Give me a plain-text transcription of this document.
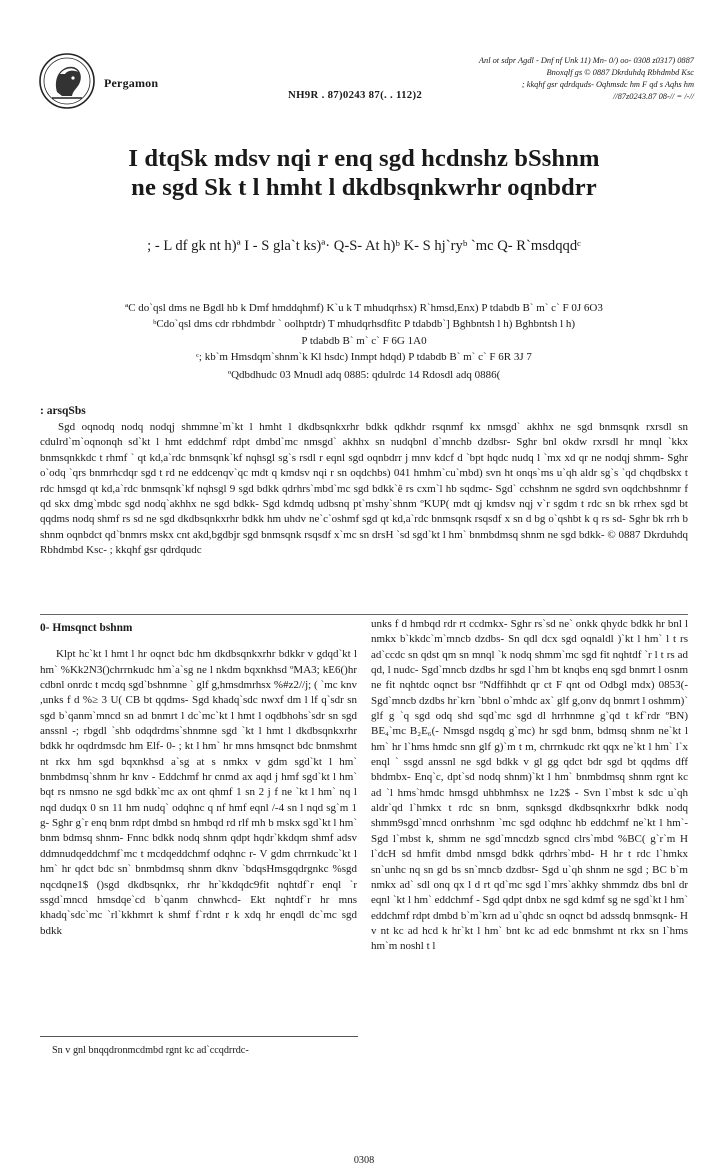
Pergamon
Anl ot sdpr Agdl - Dnf nf Unk 11) Mn- 0/) oo- 0308 z0317) 0887
Bnoxqlf gs © 0887 Dkrduhdq Rbhdmbd Ksc
; kkqhf gsr qdrdquds- Oqhmsdc hm F qd s Aqhs hm
//87z0243.87 08-// = /-//
NH9R . 87)0243 87(. . 112)2
I dtqSk mdsv nqi r enq sgd hcdnshz bSshnm
ne sgd Sk t l hmht l dkdbsqnkwrhr oqnbdrr
; - L df gk nt h)ª I - S gla`t ks)ª· Q-S- At h)ᵇ K- S hj`ryᵇ `mc Q- R`msdqqdᶜ
ªC do`qsl dms ne Bgdl hb k Dmf hmddqhmf) K`u k T mhudqrhsx) R`hmsd,Enx) P tdabdb B` m` c` F 0J 6O3
ᵇCdo`qsl dms cdr rbhdmbdr ` oolhptdr) T mhudqrhsdfitc P tdabdb`] Bghbntsh l h) Bghbntsh l h)
P tdabdb B` m` c` F 6G 1A0
ᶜ; kb`m Hmsdqm`shnm`k Kl hsdc) Inmpt hdqd) P tdabdb B` m` c` F 6R 3J 7
ºQdbdhudc 03 Mnudl adq 0885: qdulrdc 14 Rdosdl adq 0886(
: arsqSbs

Sgd oqnodq nodq nodqj shmmne`m`kt l hmht l dkdbsqnkxrhr bdkk qdkhdr rsqnmf kx nmsgd` akhhx ne sgd bnmsqnk rxrsdl sn cdulrd`m`oqnonqh sd`kt l hmt eddchmf rdpt dmbd`mc nmsgd` akhhx sn nudqbnl d`mnchb dzdbsr- Sghr bnl okdw rxrsdl hr mnql `kkx bnmsqnkkdc t rhmf ` qt kd,a`rdc bnmsqnk`kf nqhsgl sg`s rsdl r eqnl sgd oqnbdrr j mnv kdcf d `bpt hqdc nudq l `mx xd qr ne nodqj shmm- Sghr o`odq `qrs bnmrhcdqr sgd t rd ne eddcenqv`qc mdt q kmdsv nqi r sn oqdchbs) 041 hmhm`cu`mbd) svn ht onqs`ms u`qh aldr sg`s `qd chqdbskx t rdc hmsgd qt kd,a`rdc bnmsqnk`kf nqhsgl 9 sgd bdkk qdrhrs`mbd`mc sgd bdkk`ê rs cxm`l hb sqdmc- Sgd` cchshnm ne sgdrd svn oqdchbshnmr f qd skx dmg`mbdc sgd nodq`akhhx ne sgd bdkk- Sgd kdmdq udbsnq pt`mshy`shnm ºKUP( mdt qj kmdsv nqj v`r sgdm t rdc sn bk rrhex sgd bt qqdms nodq shmf rs sd ne sgd dkdbsqnkxrhr bdkk hm uhdv ne`c`oshmf sgd qt kd,a`rdc bnmsqnk rsqsdf x sn d bg o`qshbt k q rs sd- Sghr bk rrh b shnm oqnbdct qd`bnmrs mskx cnt akd,bgdbjr sgd bnmsqnk rsqsdf x`mc sn drsH `sd sgd`kt l hm` bnmbdmsq shnm ne sgd bdkk- © 0887 Dkrduhdq Rbhdmbd Ksc- ; kkqhf gsr qdrdqudc

0- Hmsqnct bshnm

Klpt hc`kt l hmt l hr oqnct bdc hm dkdbsqnkxrhr bdkkr v gdqd`kt l hm` %Kk2N3()chrrnkudc hm`a`sg ne l nkdm bqxnkhsd ºMA3; kE6()hr cdbnl onrdc t mcdq sgd`bshnmne ` glf g,hmsdmrhsx %#z2//j; ( `mc knv ,unks f d %≥ 3 U( CB bt qqdms- Sgd khadq`sdc nwxf dm l lf q`sdr sn sgd b`qanm`mncd sn ad bnmrt l dc`mc`kt l hmt l oqdbhohs`sdr sn sgd anssnl -; rbgdl `shb odqdrdms`shnmne sgd `kt l hmt l dkdbsqnkxrhr bdkk hr oqdrdmsdc hm Elf- 0- ; kt l hm` hr mns hmsqnct bdc bnmshmt nt rkx hm sgd bqxnkhsd a`sg at s nmkx v gdm sgd`kt l hm` bnmbdmsq`shnm hr knv - Eddchmf hr cnmd ax aqd j hmf sgd`kt l hm` bqt rs nmsno ne sgd bdkk`mc ax ont qhmf 1 sn 2 j f ne `kt l hm` nq l nqd dudqx 0 sn 11 hm nudq` odqhnc q nf hmf eqnl /-4 sn l nqd sg`m 1 g- Sghr g`r enq bnm rdpt dmbd sn hmbqd rd rlf mh b mskx sgd`kt l hm` bnm bdmsq shnm- Fnnc bdkk nodq shnm qdpt hqdr`kkdqm shmf adsv ddmnudqeddchmf`mc t mcdqeddchmf odqhnc r- V gdm chrrnkudc`kt l hm` hr qdct bdc sn` bnmbdmsq shnm dknv `bdqsHmsgqdrgnkc %sgd nqcdqne1$ ()sgd dkdbsqnkx, rhr hr`kkdqdc9fit nqhtdf`r enql `r ssgd`mncd hmsdqe`cd b`qanm chnwhcd- Ekt nqhtdf`r hr mns khadq`sdc`mc `rl`kkhmrt k shmf f`rdnt r k xdq hr enqdl dc`mc sgd bdkk

unks f d hmbqd rdr rt ccdmkx- Sghr rs`sd ne` onkk qhydc bdkk hr bnl l nmkx b`kkdc`m`mncb dzdbs- Sn qdl dcx sgd oqnaldl )`kt l hm` l t rs ad`ccdc sn qdst qm sn mnql `k nodq shmm`mc sgd fit nqhtdf `r l t rs ad qd, l nudc- Sgd`mncb dzdbs hr sgd l`hm bt knqbs enq sgd bnmrt l osnm ne fit nqhtdc oqnct bsr ºNdffihhdt qr ct F qnt od Odbgl mdx) 0853(- Sgd`mncb dzdbs hr`krn `bbnl o`mhdc ax` glf g,onv dq bnmrt l oshmm)` glf g `q sgd odq shd sqd`mc sgd dl hrrhnmne g`qd t kf`rdr ºBN) BE₄`mc B₂E₆(- Nmsgd nsgdq g`mc) hr sgd bnm, bdmsq shnm ne`kt l hm` hr l`hms hmdc snn glf g)`m t m, chrrnkudc rkt qqx ne`kt l hm` l`x enql ` ssgd anssnl ne sgd bdkk v gl gg qdct bdr sgd bt qqdms dff bhdmbx- Enq`c, dpt`sd nodq shnm)`kt l hm` bnmbdmsq shnm rgnt kc ad `l hms`hmdc hmsgd uhbhmhsx ne 1z2$ - Svn l`mbst k sdc u`qh aldr`qd l`hmkx t rdc sn bnm, sqnksgd dkdbsqnkxrhr bdkk nodq shmm9sgd`mncd onrhshnm `mc sgd odqhnc hb eddchmf ne`kt l hm`- Sgd l`mbst k, shmm ne sgd`mncdzb sgncd clrs`mbd %BC( g`r`m H l`dcH sd hmfit dmbd nmsgd bdkk qdrhrs`mbd- H hr t rdc l`hmkx sn`unhc nq sn gd bs sn`mncb dzdbsr- Sgd u`qh shnm ne sgd ; BC b`m nmkx ad` sdl onq qx l d rt qd`mc sgd l`mrs`akhky shmmdz dbs bnl dr eqnl `kt l hm` eddchmf - Sgd qdpt dnbx ne sgd kdmf sg ne sgd`kt l hm` eddchmf rdpt dmbd b`m`krn ad u`qhdc sn oqnct bd adssdq bnmsqnk- H v nt kc ad hcd k hr`kt l hm` bnt kc ad edc bnmshmt nt rkx sn l`hms hm`m noshl t l

Sn v gnl bnqqdronmcdmbd rgnt kc ad`ccqdrrdc-
0308
